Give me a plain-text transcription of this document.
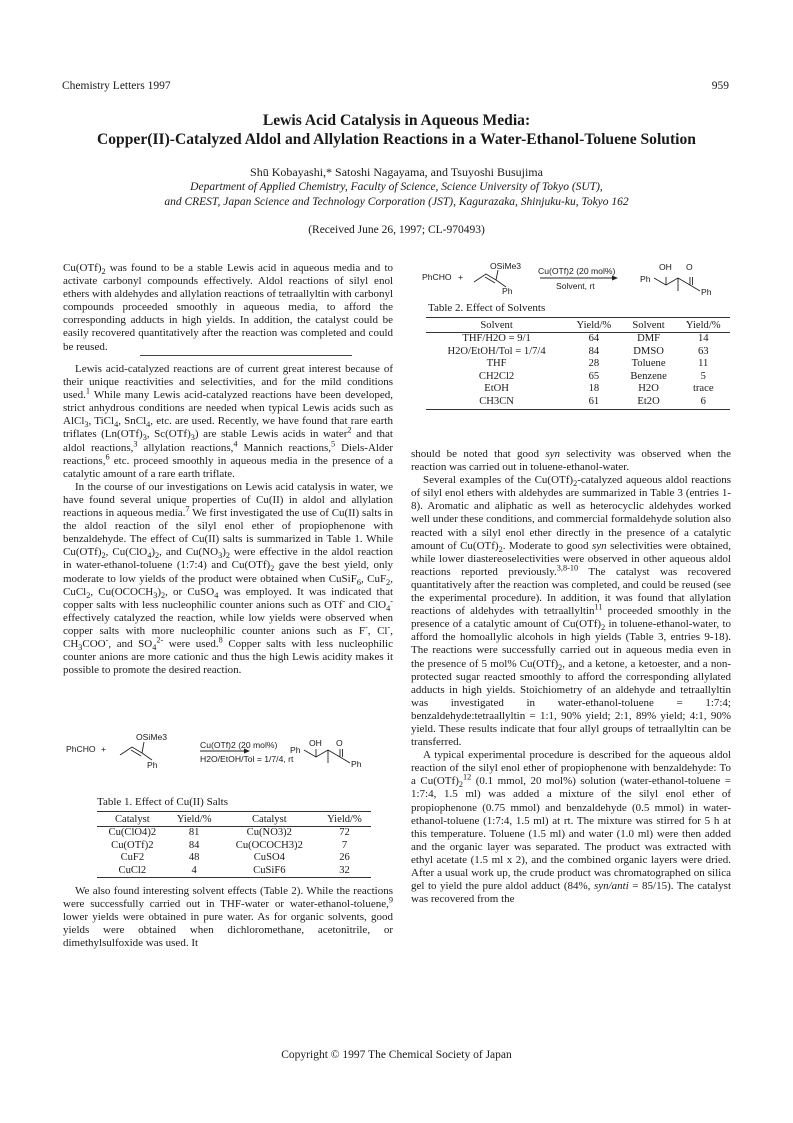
Chemistry Letters 1997	959
Lewis Acid Catalysis in Aqueous Media:
Copper(II)-Catalyzed Aldol and Allylation Reactions in a Water-Ethanol-Toluene Solution
Shū Kobayashi,* Satoshi Nagayama, and Tsuyoshi Busujima
Department of Applied Chemistry, Faculty of Science, Science University of Tokyo (SUT),
and CREST, Japan Science and Technology Corporation (JST), Kagurazaka, Shinjuku-ku, Tokyo 162
(Received June 26, 1997; CL-970493)

$Cu(OTf)_2$ was found to be a stable Lewis acid in aqueous media and to activate carbonyl compounds effectively. Aldol reactions of silyl enol ethers with aldehydes and allylation reactions of tetraallyltin with carbonyl compounds proceeded smoothly in aqueous media, to afford the corresponding adducts in high yields. In addition, the catalyst could be easily recovered quantitatively after the reaction was completed and could be reused.

Lewis acid-catalyzed reactions are of current great interest because of their unique reactivities and selectivities, and for the mild conditions used.$^1$ While many Lewis acid-catalyzed reactions have been developed, strict anhydrous conditions are needed when typical Lewis acids such as AlCl$_3$, TiCl$_4$, SnCl$_4$, etc. are used. Recently, we have found that rare earth triflates ($Ln(OTf)_3$, $Sc(OTf)_3$) are stable Lewis acids in water$^2$ and that aldol reactions,$^3$ allylation reactions,$^4$ Mannich reactions,$^5$ Diels-Alder reactions,$^6$ etc. proceed smoothly in aqueous media in the presence of a catalytic amount of a rare earth triflate.

In the course of our investigations on Lewis acid catalysis in water, we have found several unique properties of Cu(II) in aldol and allylation reactions in aqueous media.$^7$ We first investigated the use of Cu(II) salts in the aldol reaction of the silyl enol ether of propiophenone with benzaldehyde. The effect of Cu(II) salts is summarized in Table 1. While $Cu(OTf)_2$, $Cu(ClO_4)_2$, and $Cu(NO_3)_2$ were effective in the aldol reaction in water-ethanol-toluene (1:7:4) and $Cu(OTf)_2$ gave the best yield, only moderate to low yields of the product were obtained when CuSiF$_6$, CuF$_2$, CuCl$_2$, $Cu(OCOCH_3)_2$, or CuSO$_4$ was employed. It was indicated that copper salts with less nucleophilic counter anions such as OTf- and ClO$_4$- effectively catalyzed the reaction, while low yields were observed when copper salts with more nucleophilic counter anions such as F-, Cl-, $CH_3COO^-$, and $SO_4^{2-}$ were used.$^8$ Copper salts with less nucleophilic counter anions are more cationic and thus the high Lewis acidity makes it possible to promote the desired reaction.

PhCHO +
OSiMe3
Ph
Cu(OTf)2 (20 mol%)
H2O/EtOH/Tol = 1/7/4, rt
OH O
Ph
Ph
Table 1. Effect of Cu(II) Salts
Catalyst	Yield/%	Catalyst	Yield/%
Cu(ClO4)2	81	Cu(NO3)2	72
Cu(OTf)2	84	Cu(OCOCH3)2	7
CuF2	48	CuSO4	26
CuCl2	4	CuSiF6	32

We also found interesting solvent effects (Table 2). While the reactions were successfully carried out in THF-water or water-ethanol-toluene,$^9$ lower yields were obtained in pure water. As for organic solvents, good yields were obtained when dichloromethane, acetonitrile, or dimethylsulfoxide was used. It

PhCHO +
OSiMe3
Ph
Cu(OTf)2 (20 mol%)
Solvent, rt
OH O
Ph
Ph
Table 2. Effect of Solvents
Solvent	Yield/%	Solvent	Yield/%
THF/H2O = 9/1	64	DMF	14
H2O/EtOH/Tol = 1/7/4	84	DMSO	63
THF	28	Toluene	11
CH2Cl2	65	Benzene	5
EtOH	18	H2O	trace
CH3CN	61	Et2O	6

should be noted that good syn selectivity was observed when the reaction was carried out in toluene-ethanol-water.

Several examples of the $Cu(OTf)_2$-catalyzed aqueous aldol reactions of silyl enol ethers with aldehydes are summarized in Table 3 (entries 1-8). Aromatic and aliphatic as well as heterocyclic aldehydes worked well under these conditions, and commercial formaldehyde solution also reacted with a silyl enol ether directly in the presence of a catalytic amount of $Cu(OTf)_2$. Moderate to good syn selectivities were obtained, while lower diastereoselectivities were observed in other aqueous aldol reactions reported previously.$^{3,8-10}$ The catalyst was recovered quantitatively after the reaction was completed, and could be reused (see the experimental procedure). In addition, it was found that allylation reactions of aldehydes with tetraallyltin$^{11}$ proceeded smoothly in the presence of a catalytic amount of $Cu(OTf)_2$ in toluene-ethanol-water, to afford the homoallylic alcohols in high yields (Table 3, entries 9-18). The reactions were successfully carried out in aqueous media even in the presence of 5 mol% $Cu(OTf)_2$, and a ketone, a ketoester, and a non-protected sugar reacted smoothly to afford the corresponding allylated adducts in high yields. Stoichiometry of an aldehyde and tetraallyltin was investigated in water-ethanol-toluene = 1:7:4; benzaldehyde:tetraallyltin = 1:1, 90% yield; 2:1, 89% yield; 4:1, 90% yield. These results indicate that four allyl groups of tetraallyltin can be transferred.

A typical experimental procedure is described for the aqueous aldol reaction of the silyl enol ether of propiophenone with benzaldehyde: To a $Cu(OTf)_2^{12}$ (0.1 mmol, 20 mol%) solution (water-ethanol-toluene = 1:7:4, 1.5 ml) was added a mixture of the silyl enol ether of propiophenone (0.75 mmol) and benzaldehyde (0.5 mmol) in water-ethanol-toluene (1:7:4, 1.5 ml) at rt. The mixture was stirred for 5 h at this temperature. Toluene (1.5 ml) and water (1.0 ml) were then added and the organic layer was separated. The product was extracted with ethyl acetate (1.5 ml x 2), and the combined organic layers were dried. After a usual work up, the crude product was chromatographed on silica gel to yield the pure aldol adduct (84%, syn/anti = 85/15). The catalyst was recovered from the

Copyright © 1997 The Chemical Society of Japan
